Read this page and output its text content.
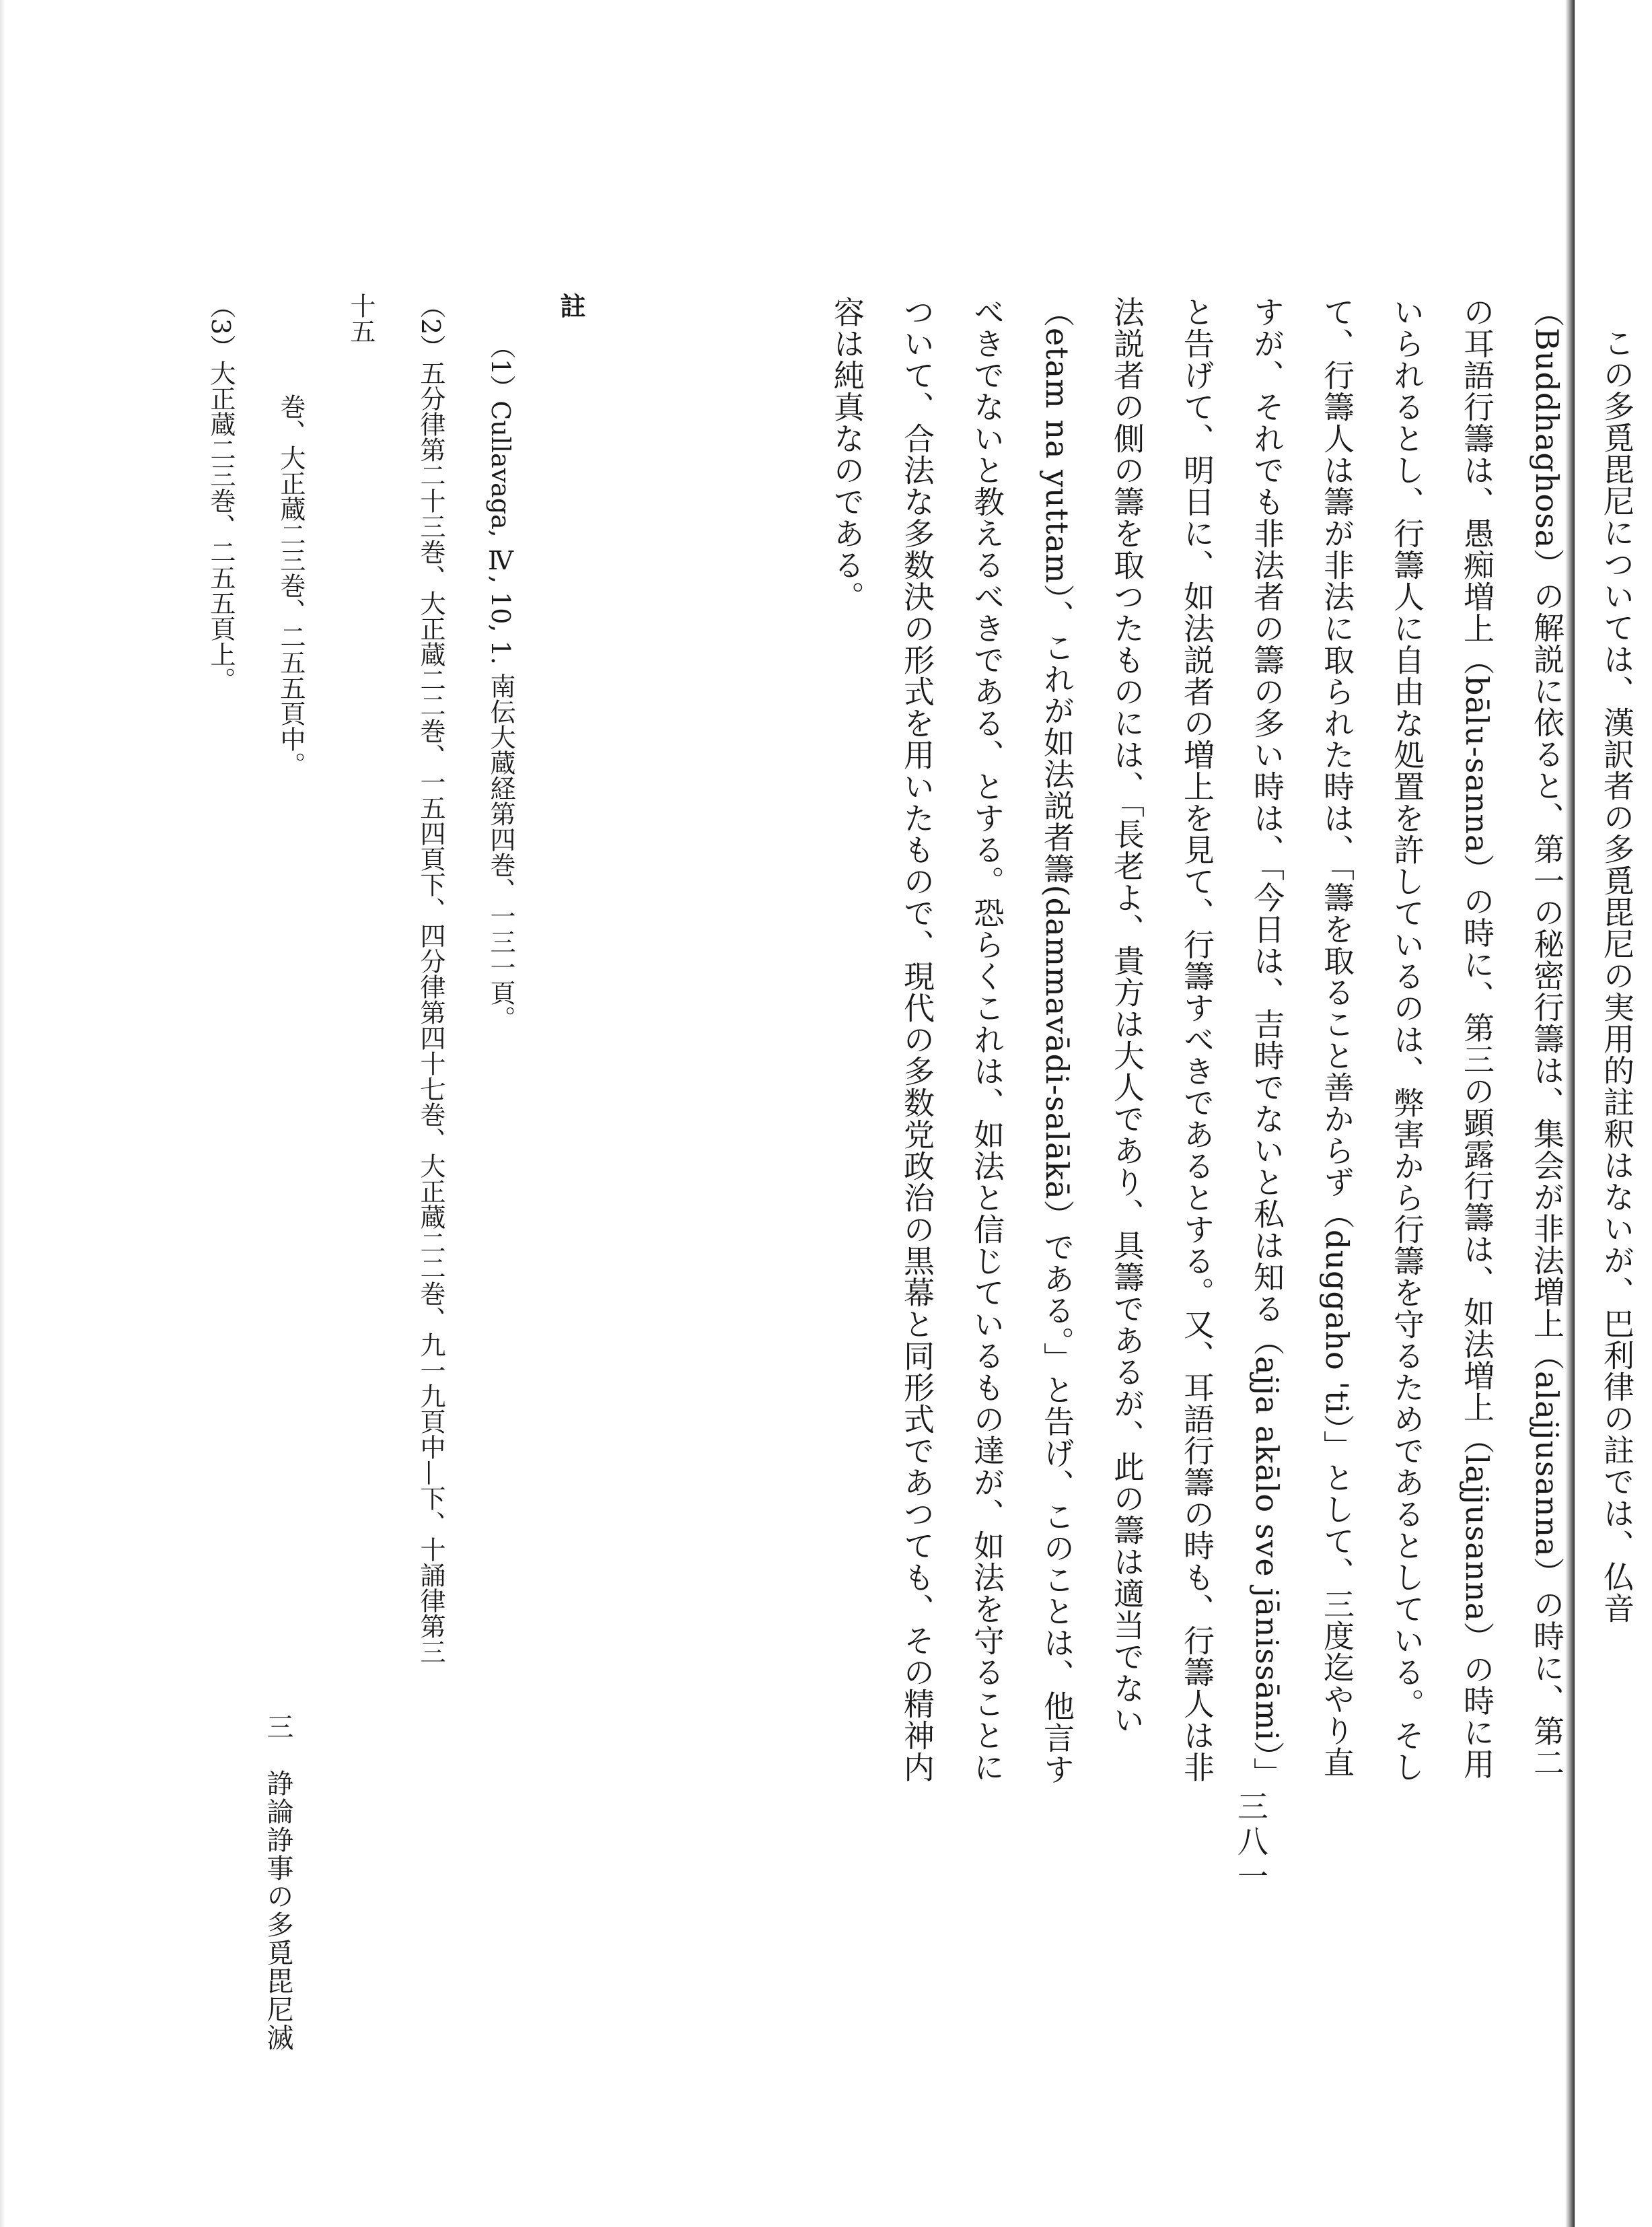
三八一

この多覓毘尼については、漢訳者の多覓毘尼の実用的註釈はないが、巴利律の註では、仏音（Buddhaghosa）の解説に依ると、第一の秘密行籌は、集会が非法増上（alajjusanna）の時に、第二の耳語行籌は、愚痴増上（bālu-sanna）の時に、第三の顕露行籌は、如法増上（lajjusanna）の時に用いられるとし、行籌人に自由な処置を許しているのは、弊害から行籌を守るためであるとしている。そして、行籌人は籌が非法に取られた時は、「籌を取ること善からず（duggaho 'ti）」として、三度迄やり直すが、それでも非法者の籌の多い時は、「今日は、吉時でないと私は知る（ajja akālo sve jānissāmi）」と告げて、明日に、如法説者の増上を見て、行籌すべきであるとする。又、耳語行籌の時も、行籌人は非法説者の側の籌を取つたものには、「長老よ、貴方は大人であり、具籌であるが、此の籌は適当でない（etam na yuttam）、これが如法説者籌(dammavādi-salākā）である。」と告げ、このことは、他言すべきでないと教えるべきである、とする。恐らくこれは、如法と信じているもの達が、如法を守ることについて、合法な多数決の形式を用いたもので、現代の多数党政治の黒幕と同形式であつても、その精神内容は純真なのである。

註
（1）Cullavaga, Ⅳ, 10, 1. 南伝大蔵経第四巻、一三一頁。
（2）五分律第二十三巻、大正蔵二二巻、一五四頁下、四分律第四十七巻、大正蔵二二巻、九一九頁中—下、十誦律第三十五
巻、大正蔵二三巻、二五五頁中。
（3）大正蔵二三巻、二五五頁上。
三　諍論諍事の多覓毘尼滅
